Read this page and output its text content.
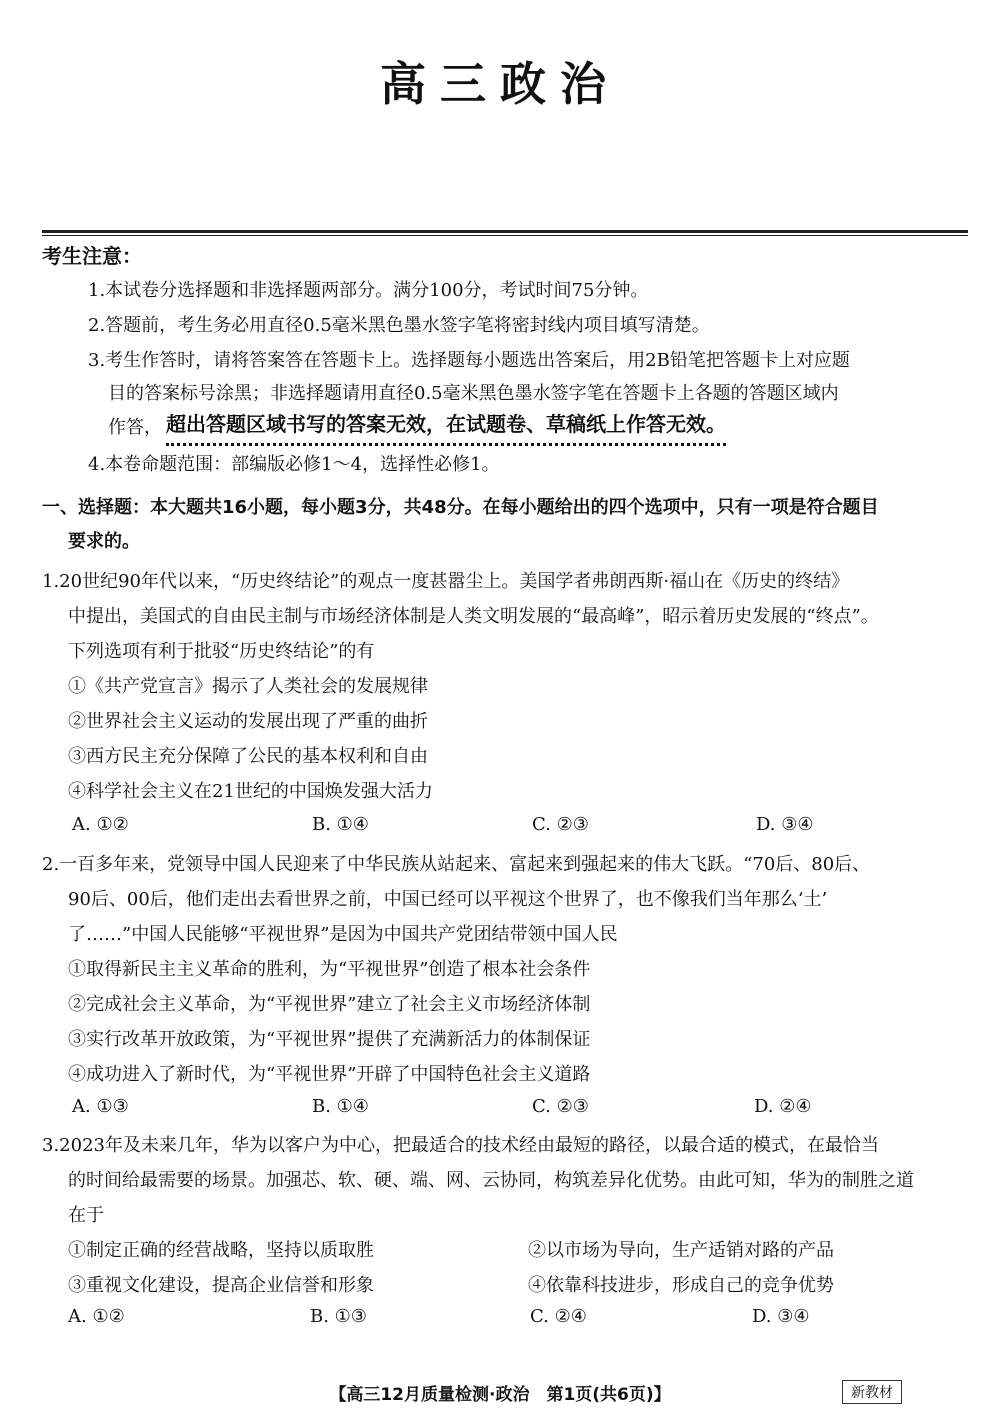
高三政治
考生注意：
1.本试卷分选择题和非选择题两部分。满分100分，考试时间75分钟。
2.答题前，考生务必用直径0.5毫米黑色墨水签字笔将密封线内项目填写清楚。
3.考生作答时，请将答案答在答题卡上。选择题每小题选出答案后，用2B铅笔把答题卡上对应题
目的答案标号涂黑；非选择题请用直径0.5毫米黑色墨水签字笔在答题卡上各题的答题区域内
作答， 超出答题区域书写的答案无效，在试题卷、草稿纸上作答无效。
4.本卷命题范围：部编版必修1～4，选择性必修1。
一、选择题：本大题共16小题，每小题3分，共48分。在每小题给出的四个选项中，只有一项是符合题目
要求的。
1.20世纪90年代以来，“历史终结论”的观点一度甚嚣尘上。美国学者弗朗西斯·福山在《历史的终结》
中提出，美国式的自由民主制与市场经济体制是人类文明发展的“最高峰”，昭示着历史发展的“终点”。
下列选项有利于批驳“历史终结论”的有
①《共产党宣言》揭示了人类社会的发展规律
②世界社会主义运动的发展出现了严重的曲折
③西方民主充分保障了公民的基本权利和自由
④科学社会主义在21世纪的中国焕发强大活力
A. ①②	B. ①④	C. ②③	D. ③④
2.一百多年来，党领导中国人民迎来了中华民族从站起来、富起来到强起来的伟大飞跃。“70后、80后、
90后、00后，他们走出去看世界之前，中国已经可以平视这个世界了，也不像我们当年那么‘土’
了……”中国人民能够“平视世界”是因为中国共产党团结带领中国人民
①取得新民主主义革命的胜利，为“平视世界”创造了根本社会条件
②完成社会主义革命，为“平视世界”建立了社会主义市场经济体制
③实行改革开放政策，为“平视世界”提供了充满新活力的体制保证
④成功进入了新时代，为“平视世界”开辟了中国特色社会主义道路
A. ①③	B. ①④	C. ②③	D. ②④
3.2023年及未来几年，华为以客户为中心，把最适合的技术经由最短的路径，以最合适的模式，在最恰当
的时间给最需要的场景。加强芯、软、硬、端、网、云协同，构筑差异化优势。由此可知，华为的制胜之道
在于
①制定正确的经营战略，坚持以质取胜	②以市场为导向，生产适销对路的产品
③重视文化建设，提高企业信誉和形象	④依靠科技进步，形成自己的竞争优势
A. ①②	B. ①③	C. ②④	D. ③④
【高三12月质量检测·政治　第1页(共6页)】	新教材
